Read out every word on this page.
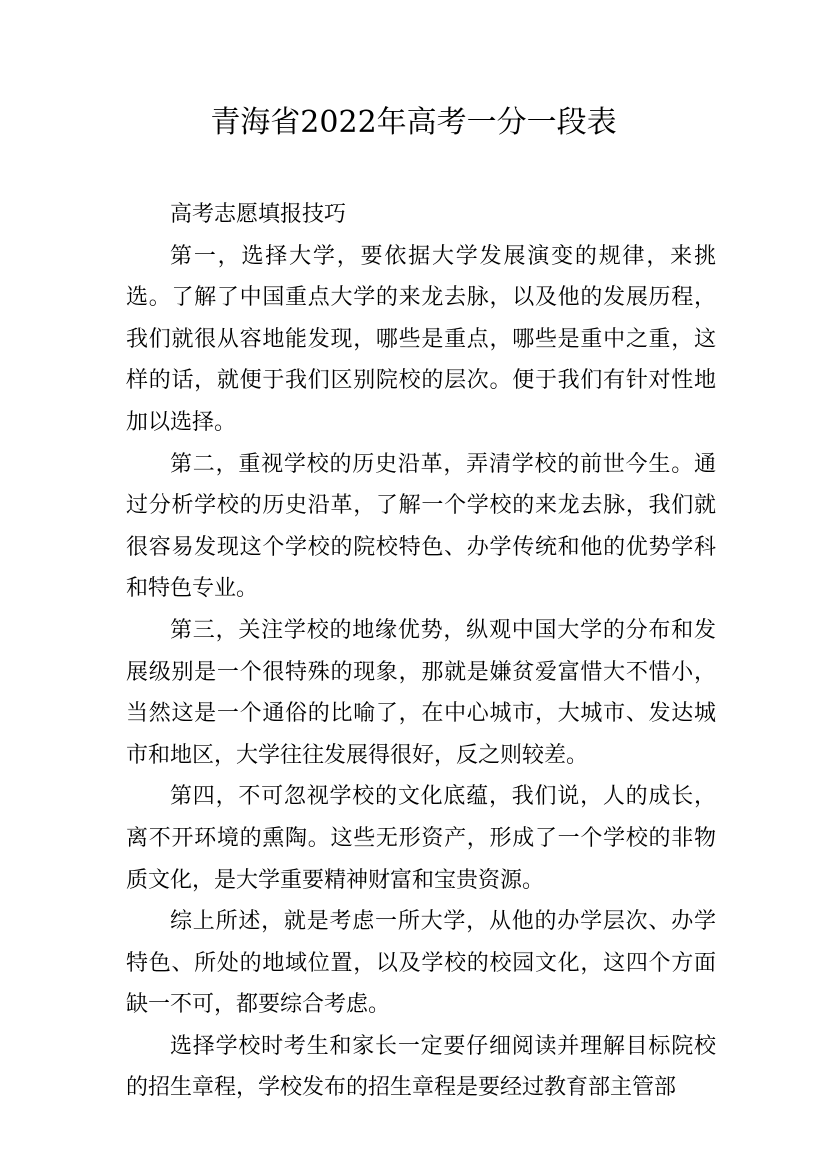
青海省2022年高考一分一段表

高考志愿填报技巧

第一，选择大学，要依据大学发展演变的规律，来挑选。了解了中国重点大学的来龙去脉，以及他的发展历程，我们就很从容地能发现，哪些是重点，哪些是重中之重，这样的话，就便于我们区别院校的层次。便于我们有针对性地加以选择。

第二，重视学校的历史沿革，弄清学校的前世今生。通过分析学校的历史沿革，了解一个学校的来龙去脉，我们就很容易发现这个学校的院校特色、办学传统和他的优势学科和特色专业。

第三，关注学校的地缘优势，纵观中国大学的分布和发展级别是一个很特殊的现象，那就是嫌贫爱富惜大不惜小，当然这是一个通俗的比喻了，在中心城市，大城市、发达城市和地区，大学往往发展得很好，反之则较差。

第四，不可忽视学校的文化底蕴，我们说，人的成长，离不开环境的熏陶。这些无形资产，形成了一个学校的非物质文化，是大学重要精神财富和宝贵资源。

综上所述，就是考虑一所大学，从他的办学层次、办学特色、所处的地域位置，以及学校的校园文化，这四个方面缺一不可，都要综合考虑。

选择学校时考生和家长一定要仔细阅读并理解目标院校的招生章程，学校发布的招生章程是要经过教育部主管部
